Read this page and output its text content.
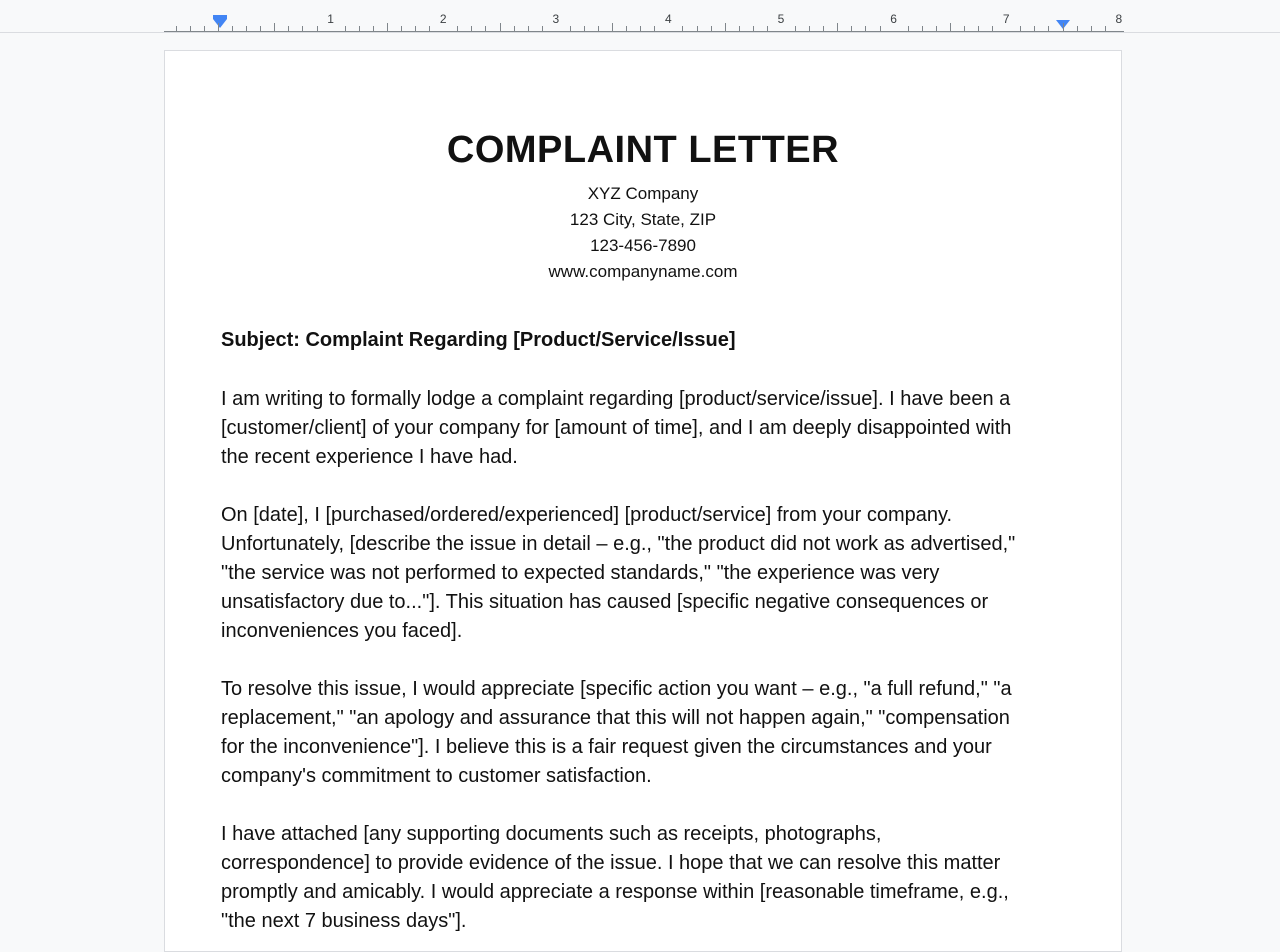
1	2	3	4	5	6	7	8
COMPLAINT LETTER
XYZ Company
123 City, State, ZIP
123-456-7890
www.companyname.com
Subject: Complaint Regarding [Product/Service/Issue]
I am writing to formally lodge a complaint regarding [product/service/issue]. I have been a
[customer/client] of your company for [amount of time], and I am deeply disappointed with
the recent experience I have had.
On [date], I [purchased/ordered/experienced] [product/service] from your company.
Unfortunately, [describe the issue in detail – e.g., "the product did not work as advertised,"
"the service was not performed to expected standards," "the experience was very
unsatisfactory due to..."]. This situation has caused [specific negative consequences or
inconveniences you faced].
To resolve this issue, I would appreciate [specific action you want – e.g., "a full refund," "a
replacement," "an apology and assurance that this will not happen again," "compensation
for the inconvenience"]. I believe this is a fair request given the circumstances and your
company's commitment to customer satisfaction.
I have attached [any supporting documents such as receipts, photographs,
correspondence] to provide evidence of the issue. I hope that we can resolve this matter
promptly and amicably. I would appreciate a response within [reasonable timeframe, e.g.,
"the next 7 business days"].
